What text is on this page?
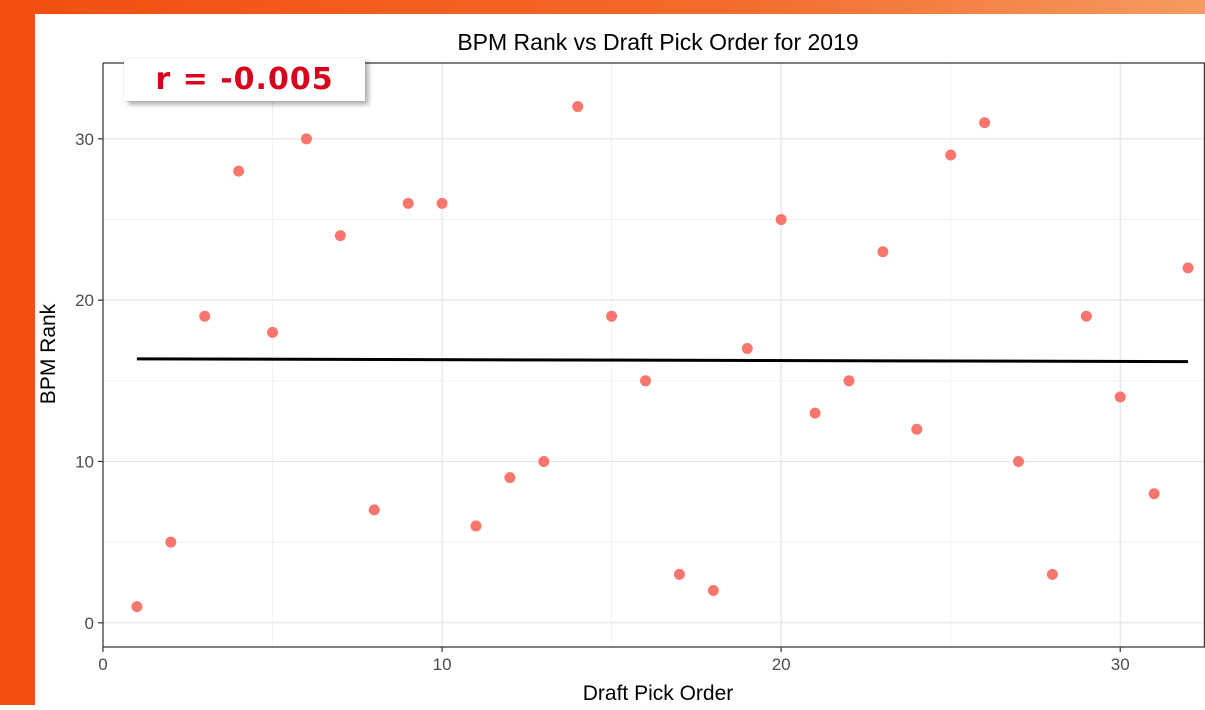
0	10	20	30
0
10
20
30
BPM Rank vs Draft Pick Order for 2019
Draft Pick Order
BPM Rank
r = -0.005
